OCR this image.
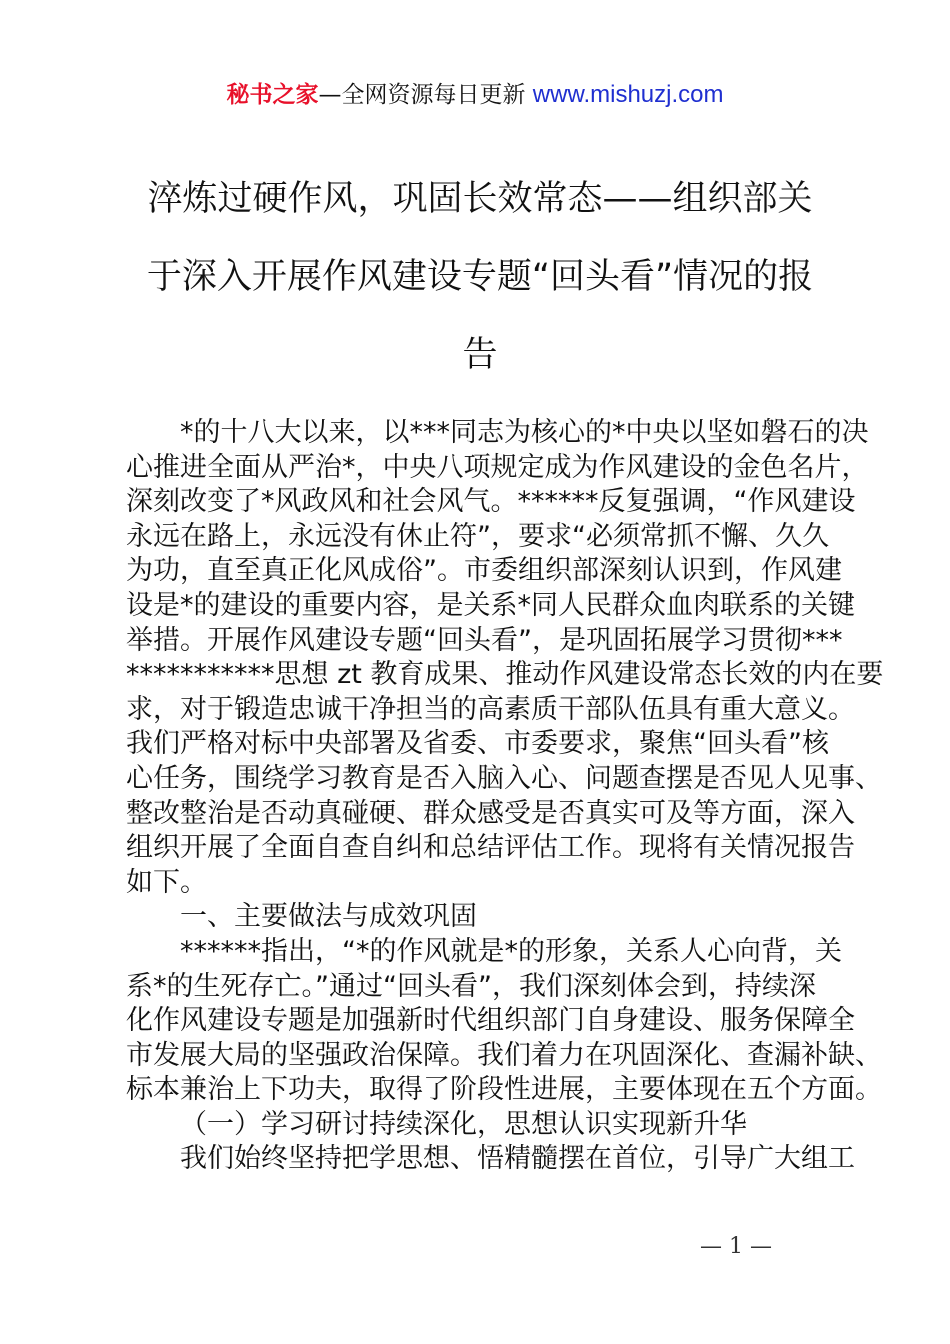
秘书之家—全网资源每日更新 www.mishuzj.com
淬炼过硬作风，巩固长效常态——组织部关
于深入开展作风建设专题“回头看”情况的报
告
*的十八大以来，以***同志为核心的*中央以坚如磐石的决
心推进全面从严治*，中央八项规定成为作风建设的金色名片，
深刻改变了*风政风和社会风气。******反复强调，“作风建设
永远在路上，永远没有休止符”，要求“必须常抓不懈、久久
为功，直至真正化风成俗”。市委组织部深刻认识到，作风建
设是*的建设的重要内容，是关系*同人民群众血肉联系的关键
举措。开展作风建设专题“回头看”，是巩固拓展学习贯彻***
***********思想 zt 教育成果、推动作风建设常态长效的内在要
求，对于锻造忠诚干净担当的高素质干部队伍具有重大意义。
我们严格对标中央部署及省委、市委要求，聚焦“回头看”核
心任务，围绕学习教育是否入脑入心、问题查摆是否见人见事、
整改整治是否动真碰硬、群众感受是否真实可及等方面，深入
组织开展了全面自查自纠和总结评估工作。现将有关情况报告
如下。
一、主要做法与成效巩固
******指出，“*的作风就是*的形象，关系人心向背，关
系*的生死存亡。”通过“回头看”，我们深刻体会到，持续深
化作风建设专题是加强新时代组织部门自身建设、服务保障全
市发展大局的坚强政治保障。我们着力在巩固深化、查漏补缺、
标本兼治上下功夫，取得了阶段性进展，主要体现在五个方面。
（一）学习研讨持续深化，思想认识实现新升华
我们始终坚持把学思想、悟精髓摆在首位，引导广大组工
— 1 —
